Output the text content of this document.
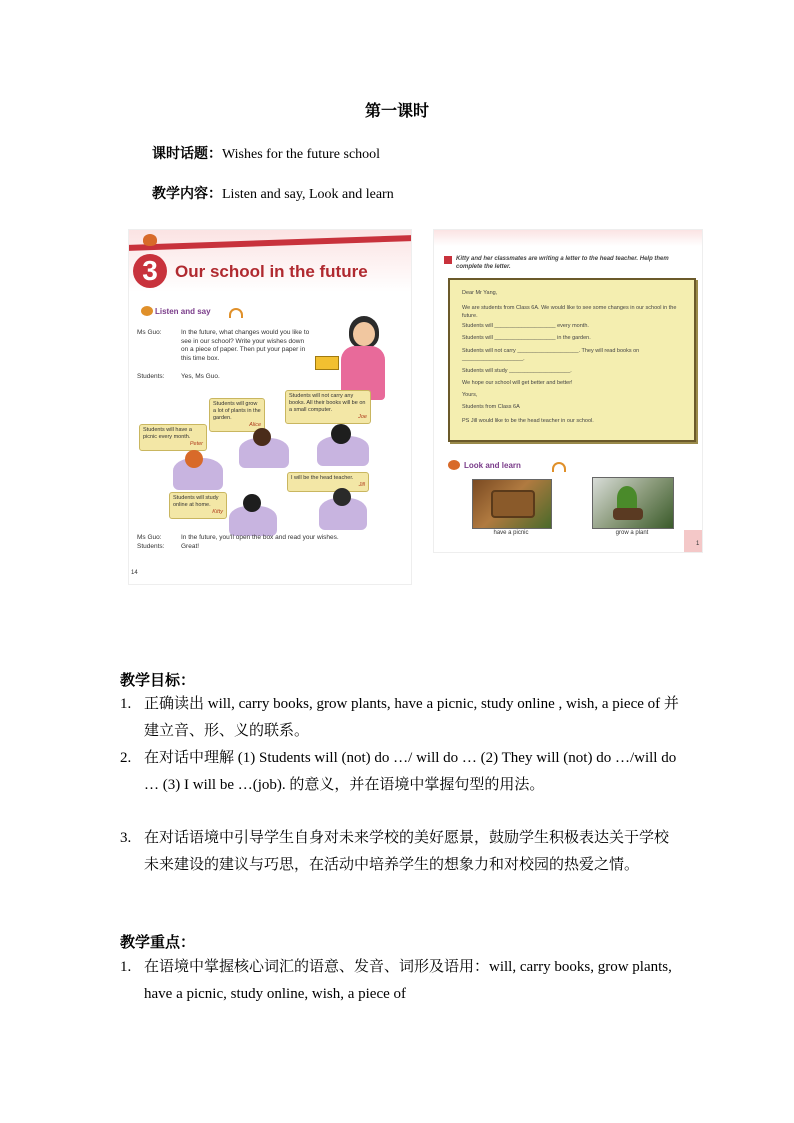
第一课时
课时话题：Wishes for the future school
教学内容：Listen and say, Look and learn
3	Our school in the future
Listen and say
Ms Guo:	In the future, what changes would you like to see in our school? Write your wishes down on a piece of paper. Then put your paper in this time box.
Students:	Yes, Ms Guo.
Students will have a picnic every month.
Peter
Students will grow a lot of plants in the garden.
Alice
Students will not carry any books. All their books will be on a small computer.
Joe
I will be the head teacher.
Jill
Students will study online at home.
Kitty
Ms Guo:	In the future, you'll open the box and read your wishes.
Students:	Great!
14
Kitty and her classmates are writing a letter to the head teacher. Help them complete the letter.
Dear Mr Yang,
We are students from Class 6A. We would like to see some changes in our school in the future.
Students will ____________________ every month.
Students will ____________________ in the garden.
Students will not carry ____________________. They will read books on ____________________.
Students will study ____________________.
We hope our school will get better and better!
Yours,
Students from Class 6A
PS Jill would like to be the head teacher in our school.
Look and learn
have a picnic	grow a plant
1
教学目标：
1. 正确读出 will, carry books, grow plants, have a picnic, study online , wish, a piece of 并建立音、形、义的联系。
2. 在对话中理解 (1) Students will (not) do …/ will do … (2) They will (not) do …/will do … (3) I will be …(job). 的意义，并在语境中掌握句型的用法。
3. 在对话语境中引导学生自身对未来学校的美好愿景，鼓励学生积极表达关于学校未来建设的建议与巧思，在活动中培养学生的想象力和对校园的热爱之情。
教学重点：
1. 在语境中掌握核心词汇的语意、发音、词形及语用：will, carry books, grow plants, have a picnic, study online, wish, a piece of
